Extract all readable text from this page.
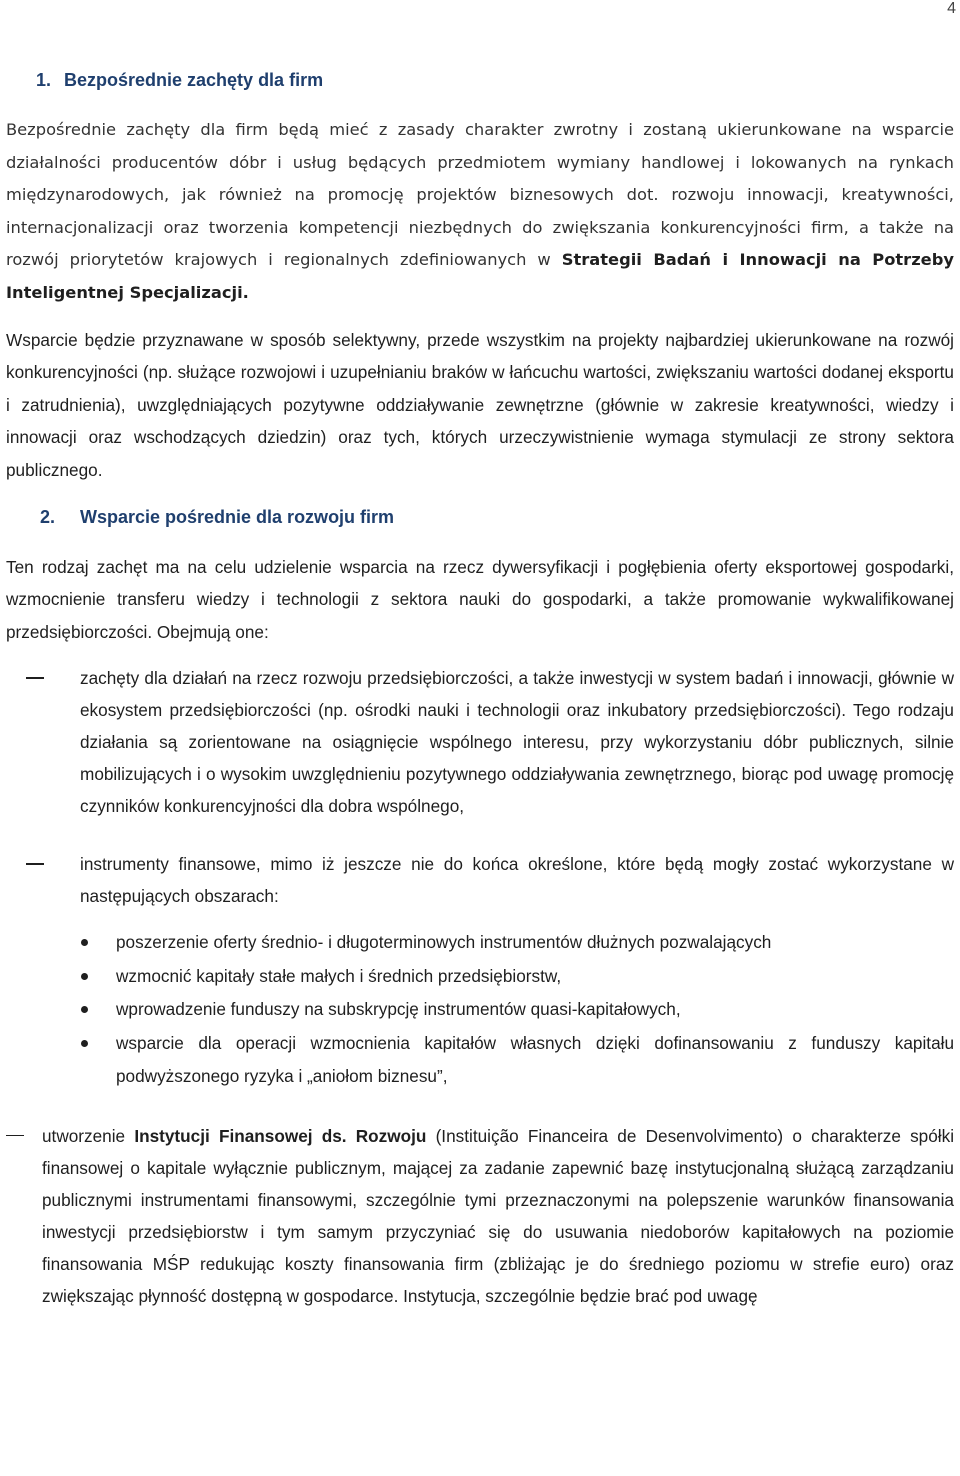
4
1. Bezpośrednie zachęty dla firm

Bezpośrednie zachęty dla firm będą mieć z zasady charakter zwrotny i zostaną ukierunkowane na wsparcie działalności producentów dóbr i usług będących przedmiotem wymiany handlowej i lokowanych na rynkach międzynarodowych, jak również na promocję projektów biznesowych dot. rozwoju innowacji, kreatywności, internacjonalizacji oraz tworzenia kompetencji niezbędnych do zwiększania konkurencyjności firm, a także na rozwój priorytetów krajowych i regionalnych zdefiniowanych w Strategii Badań i Innowacji na Potrzeby Inteligentnej Specjalizacji.

Wsparcie będzie przyznawane w sposób selektywny, przede wszystkim na projekty najbardziej ukierunkowane na rozwój konkurencyjności (np. służące rozwojowi i uzupełnianiu braków w łańcuchu wartości, zwiększaniu wartości dodanej eksportu i zatrudnienia), uwzględniających pozytywne oddziaływanie zewnętrzne (głównie w zakresie kreatywności, wiedzy i innowacji oraz wschodzących dziedzin) oraz tych, których urzeczywistnienie wymaga stymulacji ze strony sektora publicznego.

2. Wsparcie pośrednie dla rozwoju firm

Ten rodzaj zachęt ma na celu udzielenie wsparcia na rzecz dywersyfikacji i pogłębienia oferty eksportowej gospodarki, wzmocnienie transferu wiedzy i technologii z sektora nauki do gospodarki, a także promowanie wykwalifikowanej przedsiębiorczości. Obejmują one:

zachęty dla działań na rzecz rozwoju przedsiębiorczości, a także inwestycji w system badań i innowacji, głównie w ekosystem przedsiębiorczości (np. ośrodki nauki i technologii oraz inkubatory przedsiębiorczości). Tego rodzaju działania są zorientowane na osiągnięcie wspólnego interesu, przy wykorzystaniu dóbr publicznych, silnie mobilizujących i o wysokim uwzględnieniu pozytywnego oddziaływania zewnętrznego, biorąc pod uwagę promocję czynników konkurencyjności dla dobra wspólnego,
instrumenty finansowe, mimo iż jeszcze nie do końca określone, które będą mogły zostać wykorzystane w następujących obszarach:
poszerzenie oferty średnio- i długoterminowych instrumentów dłużnych pozwalających
wzmocnić kapitały stałe małych i średnich przedsiębiorstw,
wprowadzenie funduszy na subskrypcję instrumentów quasi-kapitałowych,
wsparcie dla operacji wzmocnienia kapitałów własnych dzięki dofinansowaniu z funduszy kapitału podwyższonego ryzyka i „aniołom biznesu”,
utworzenie Instytucji Finansowej ds. Rozwoju (Instituição Financeira de Desenvolvimento) o charakterze spółki finansowej o kapitale wyłącznie publicznym, mającej za zadanie zapewnić bazę instytucjonalną służącą zarządzaniu publicznymi instrumentami finansowymi, szczególnie tymi przeznaczonymi na polepszenie warunków finansowania inwestycji przedsiębiorstw i tym samym przyczyniać się do usuwania niedoborów kapitałowych na poziomie finansowania MŚP redukując koszty finansowania firm (zbliżając je do średniego poziomu w strefie euro) oraz zwiększając płynność dostępną w gospodarce. Instytucja, szczególnie będzie brać pod uwagę
